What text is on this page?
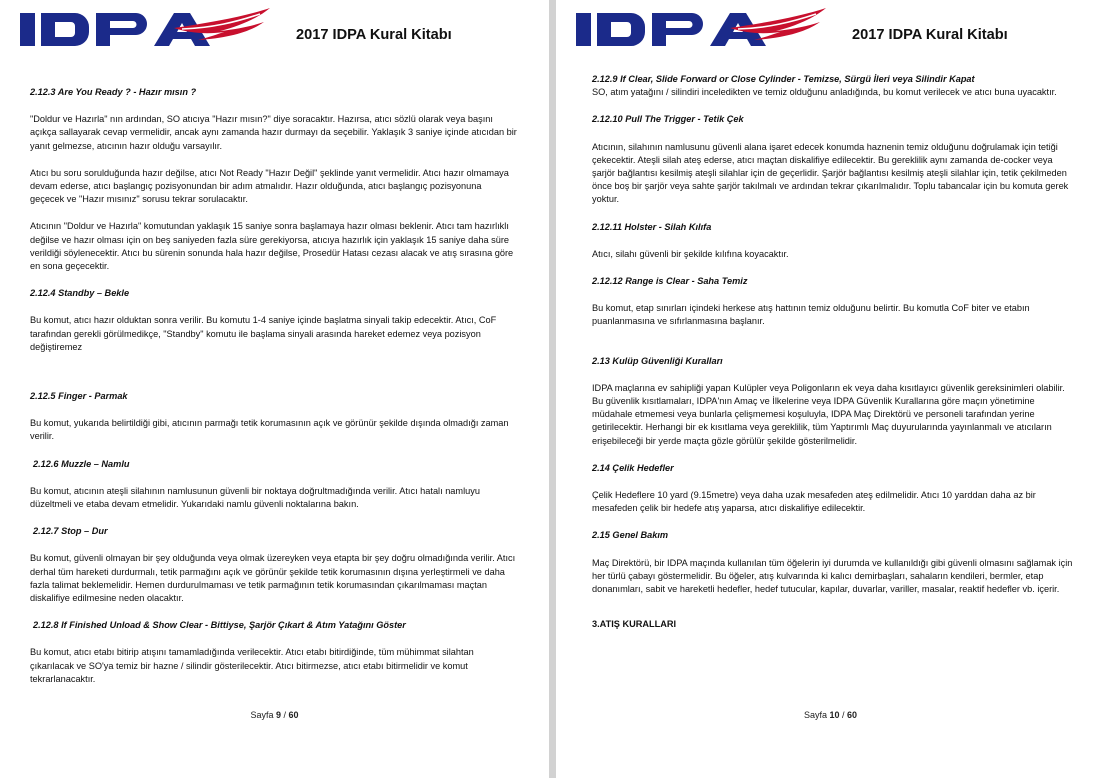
2017 IDPA Kural Kitabı
2.12.3 Are You Ready ? - Hazır mısın ?
"Doldur ve Hazırla" nın ardından, SO atıcıya "Hazır mısın?" diye soracaktır. Hazırsa, atıcı sözlü olarak veya başını açıkça sallayarak cevap vermelidir, ancak aynı zamanda hazır durmayı da seçebilir. Yaklaşık 3 saniye içinde atıcıdan bir yanıt gelmezse, atıcının hazır olduğu varsayılır.
Atıcı bu soru sorulduğunda hazır değilse, atıcı Not Ready "Hazır Değil" şeklinde yanıt vermelidir. Atıcı hazır olmamaya devam ederse, atıcı başlangıç pozisyonundan bir adım atmalıdır. Hazır olduğunda, atıcı başlangıç pozisyonuna geçecek ve "Hazır mısınız" sorusu tekrar sorulacaktır.
Atıcının "Doldur ve Hazırla" komutundan yaklaşık 15 saniye sonra başlamaya hazır olması beklenir. Atıcı tam hazırlıklı değilse ve hazır olması için on beş saniyeden fazla süre gerekiyorsa, atıcıya hazırlık için yaklaşık 15 saniye daha süre verildiği söylenecektir. Atıcı bu sürenin sonunda hala hazır değilse, Prosedür Hatası cezası alacak ve atış sırasına göre en sona geçecektir.
2.12.4 Standby – Bekle
Bu komut, atıcı hazır olduktan sonra verilir. Bu komutu 1-4 saniye içinde başlatma sinyali takip edecektir. Atıcı, CoF tarafından gerekli görülmedikçe, "Standby" komutu ile başlama sinyali arasında hareket edemez veya pozisyon değiştiremez
2.12.5 Finger - Parmak
Bu komut, yukarıda belirtildiği gibi, atıcının parmağı tetik korumasının açık ve görünür şekilde dışında olmadığı zaman verilir.
2.12.6 Muzzle – Namlu
Bu komut, atıcının ateşli silahının namlusunun güvenli bir noktaya doğrultmadığında verilir. Atıcı hatalı namluyu düzeltmeli ve etaba devam etmelidir. Yukarıdaki namlu güvenli noktalarına bakın.
2.12.7 Stop – Dur
Bu komut, güvenli olmayan bir şey olduğunda veya olmak üzereyken veya etapta bir şey doğru olmadığında verilir. Atıcı derhal tüm hareketi durdurmalı, tetik parmağını açık ve görünür şekilde tetik korumasının dışına yerleştirmeli ve daha fazla talimat beklemelidir. Hemen durdurulmaması ve tetik parmağının tetik korumasından çıkarılmaması maçtan diskalifiye edilmesine neden olacaktır.
2.12.8 If Finished Unload & Show Clear - Bittiyse, Şarjör Çıkart & Atım Yatağını Göster
Bu komut, atıcı etabı bitirip atışını tamamladığında verilecektir. Atıcı etabı bitirdiğinde, tüm mühimmat silahtan çıkarılacak ve SO'ya temiz bir hazne / silindir gösterilecektir. Atıcı bitirmezse, atıcı etabı bitirmelidir ve komut tekrarlanacaktır.
Sayfa 9 / 60
2017 IDPA Kural Kitabı
2.12.9 If Clear, Slide Forward or Close Cylinder - Temizse, Sürgü İleri veya Silindir Kapat
SO, atım yatağını / silindiri inceledikten ve temiz olduğunu anladığında, bu komut verilecek ve atıcı buna uyacaktır.
2.12.10 Pull The Trigger - Tetik Çek
Atıcının, silahının namlusunu güvenli alana işaret edecek konumda haznenin temiz olduğunu doğrulamak için tetiği çekecektir. Ateşli silah ateş ederse, atıcı maçtan diskalifiye edilecektir. Bu gereklilik aynı zamanda de-cocker veya şarjör bağlantısı kesilmiş ateşli silahlar için de geçerlidir. Şarjör bağlantısı kesilmiş ateşli silahlar için, tetik çekilmeden önce boş bir şarjör veya sahte şarjör takılmalı ve ardından tekrar çıkarılmalıdır. Toplu tabancalar için bu komuta gerek yoktur.
2.12.11 Holster - Silah Kılıfa
Atıcı, silahı güvenli bir şekilde kılıfına koyacaktır.
2.12.12 Range is Clear - Saha Temiz
Bu komut, etap sınırları içindeki herkese atış hattının temiz olduğunu belirtir. Bu komutla CoF biter ve etabın puanlanmasına ve sıfırlanmasına başlanır.
2.13 Kulüp Güvenliği Kuralları
IDPA maçlarına ev sahipliği yapan Kulüpler veya Poligonların ek veya daha kısıtlayıcı güvenlik gereksinimleri olabilir. Bu güvenlik kısıtlamaları, IDPA'nın Amaç ve İlkelerine veya IDPA Güvenlik Kurallarına göre maçın yönetimine müdahale etmemesi veya bunlarla çelişmemesi koşuluyla, IDPA Maç Direktörü ve personeli tarafından yerine getirilecektir. Herhangi bir ek kısıtlama veya gereklilik, tüm Yaptırımlı Maç duyurularında yayınlanmalı ve atıcıların erişebileceği bir yerde maçta gözle görülür şekilde gösterilmelidir.
2.14 Çelik Hedefler
Çelik Hedeflere 10 yard (9.15metre) veya daha uzak mesafeden ateş edilmelidir. Atıcı 10 yarddan daha az bir mesafeden çelik bir hedefe atış yaparsa, atıcı diskalifiye edilecektir.
2.15 Genel Bakım
Maç Direktörü, bir IDPA maçında kullanılan tüm öğelerin iyi durumda ve kullanıldığı gibi güvenli olmasını sağlamak için her türlü çabayı göstermelidir. Bu öğeler, atış kulvarında ki kalıcı demirbaşları, sahaların kendileri, bermler, etap donanımları, sabit ve hareketli hedefler, hedef tutucular, kapılar, duvarlar, variller, masalar, reaktif hedefler vb. içerir.
3.ATIŞ KURALLARI
Sayfa 10 / 60
